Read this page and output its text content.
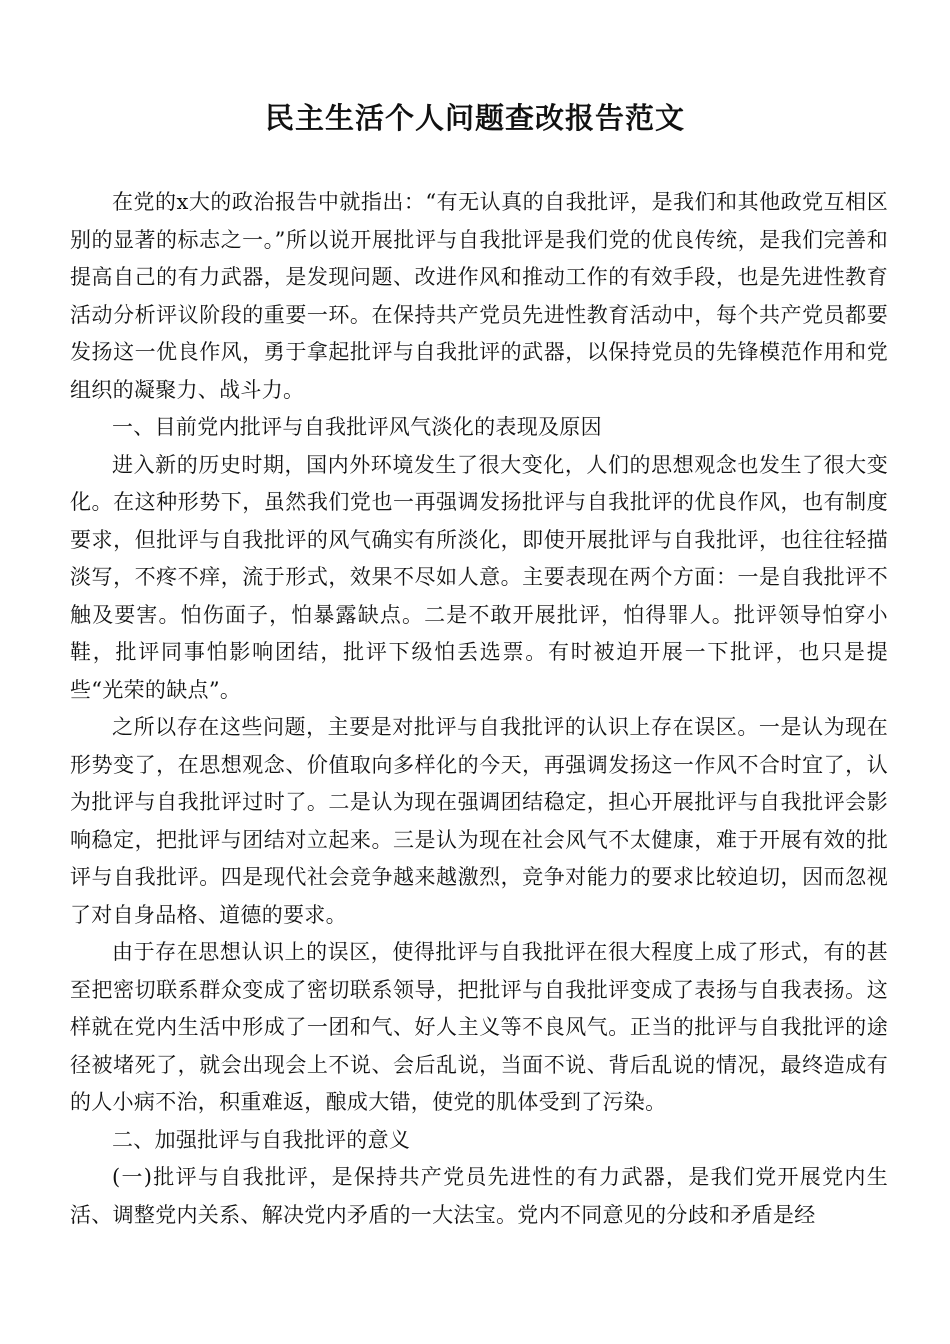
民主生活个人问题查改报告范文

在党的x大的政治报告中就指出：“有无认真的自我批评，是我们和其他政党互相区别的显著的标志之一。”所以说开展批评与自我批评是我们党的优良传统，是我们完善和提高自己的有力武器，是发现问题、改进作风和推动工作的有效手段，也是先进性教育活动分析评议阶段的重要一环。在保持共产党员先进性教育活动中，每个共产党员都要发扬这一优良作风，勇于拿起批评与自我批评的武器，以保持党员的先锋模范作用和党组织的凝聚力、战斗力。

一、目前党内批评与自我批评风气淡化的表现及原因

进入新的历史时期，国内外环境发生了很大变化，人们的思想观念也发生了很大变化。在这种形势下，虽然我们党也一再强调发扬批评与自我批评的优良作风，也有制度要求，但批评与自我批评的风气确实有所淡化，即使开展批评与自我批评，也往往轻描淡写，不疼不痒，流于形式，效果不尽如人意。主要表现在两个方面：一是自我批评不触及要害。怕伤面子，怕暴露缺点。二是不敢开展批评，怕得罪人。批评领导怕穿小鞋，批评同事怕影响团结，批评下级怕丢选票。有时被迫开展一下批评，也只是提些“光荣的缺点”。

之所以存在这些问题，主要是对批评与自我批评的认识上存在误区。一是认为现在形势变了，在思想观念、价值取向多样化的今天，再强调发扬这一作风不合时宜了，认为批评与自我批评过时了。二是认为现在强调团结稳定，担心开展批评与自我批评会影响稳定，把批评与团结对立起来。三是认为现在社会风气不太健康，难于开展有效的批评与自我批评。四是现代社会竞争越来越激烈，竞争对能力的要求比较迫切，因而忽视了对自身品格、道德的要求。

由于存在思想认识上的误区，使得批评与自我批评在很大程度上成了形式，有的甚至把密切联系群众变成了密切联系领导，把批评与自我批评变成了表扬与自我表扬。这样就在党内生活中形成了一团和气、好人主义等不良风气。正当的批评与自我批评的途径被堵死了，就会出现会上不说、会后乱说，当面不说、背后乱说的情况，最终造成有的人小病不治，积重难返，酿成大错，使党的肌体受到了污染。

二、加强批评与自我批评的意义

(一)批评与自我批评，是保持共产党员先进性的有力武器，是我们党开展党内生活、调整党内关系、解决党内矛盾的一大法宝。党内不同意见的分歧和矛盾是经
